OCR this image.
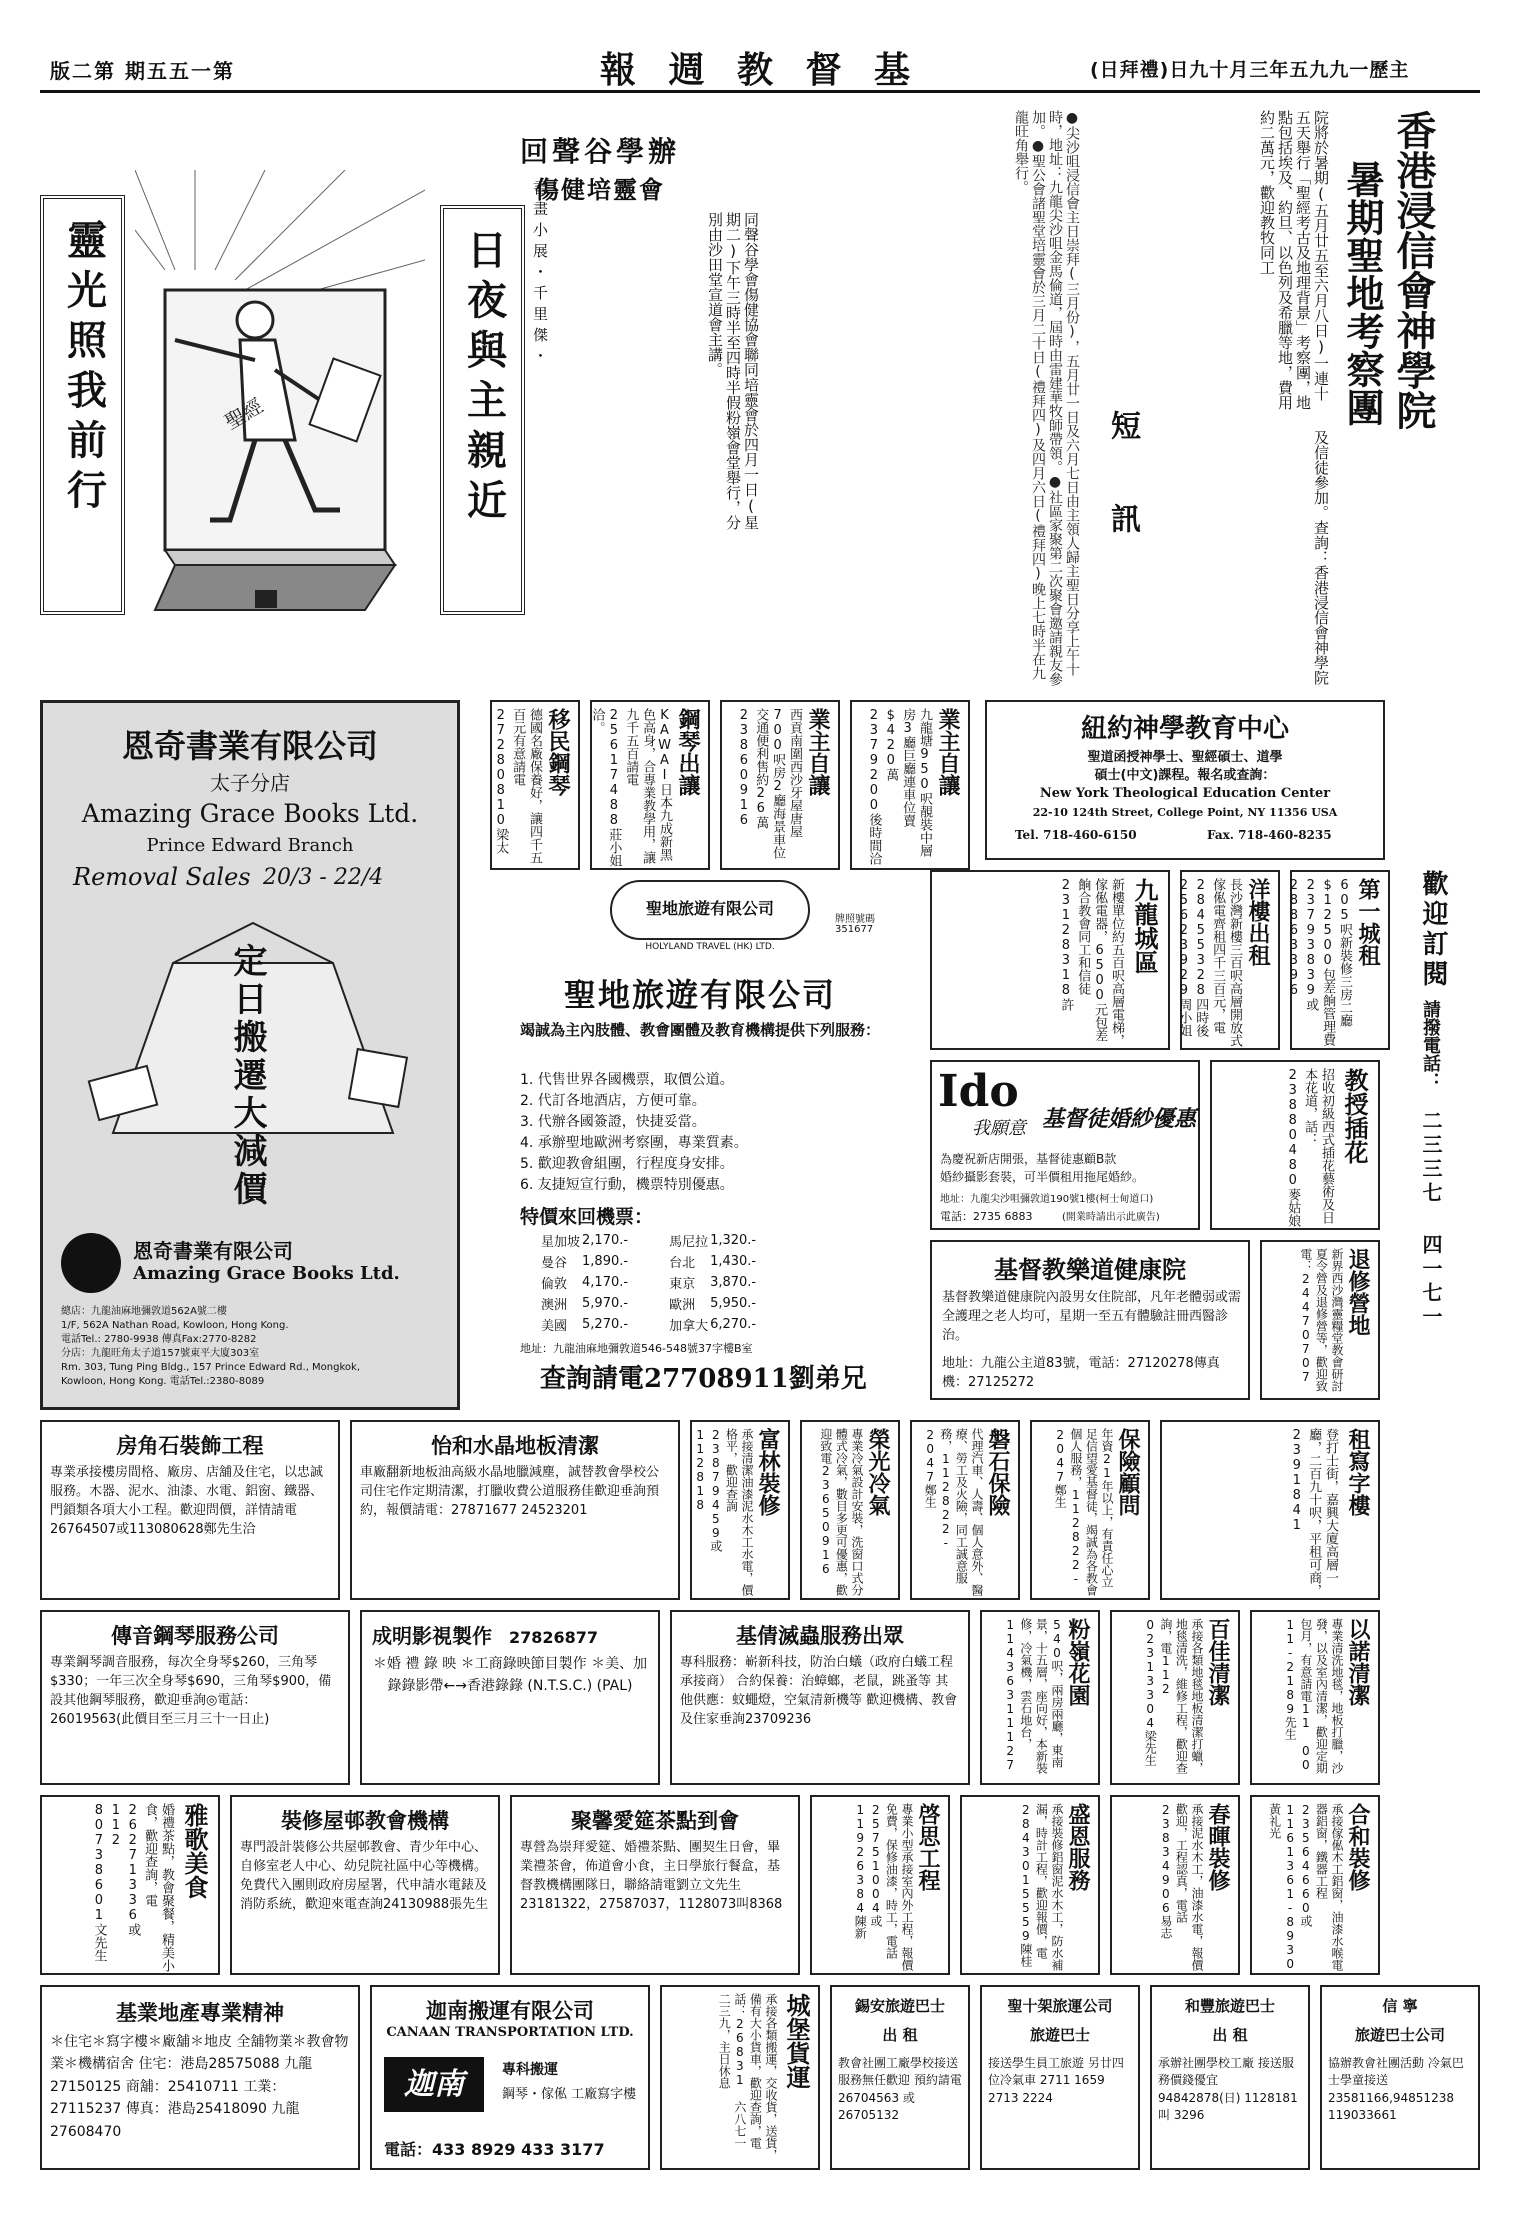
版二第 期五五一第	報 週 教 督 基	(日拜禮)日九十月三年五九九一歷主
香港浸信會神學院
暑期聖地考察團
院將於暑期(五月廿五至六月八日)一連十五天舉行「聖經考古及地理背景」考察團，地點包括埃及、約旦、以色列及希臘等地，費用約二萬元，歡迎教牧同工
及信徒參加。查詢：香港浸信會神學院
短 訊
●尖沙咀浸信會主日崇拜(三月份)，五月廿一日及六月七日由主領人歸主聖日分享上午十時，地址：九龍尖沙咀金馬倫道，屆時由雷建華牧師帶領。●社區家聚第二次聚會邀請親友參加。●聖公會諸聖堂培靈會於三月二十日(禮拜四)及四月六日(禮拜四)晚上七時半在九龍旺角舉行。
歡迎訂閱
請撥電話：
二三三七 四一七一
回聲谷學辦
傷健培靈會
同聲谷學會傷健協會聯同培靈會於四月一日(星期二)下午三時半至四時半假粉嶺會堂舉行，分別由沙田堂宣道會主講。
靈光照我前行	日夜與主親近
聖經
書畫小展・千里傑・
恩奇書業有限公司
太子分店
Amazing Grace Books Ltd.
Prince Edward Branch
Removal Sales 20/3 - 22/4
定日搬遷大減價
恩奇書業有限公司
Amazing Grace Books Ltd.
總店：九龍油麻地彌敦道562A號二樓
1/F, 562A Nathan Road, Kowloon, Hong Kong.
電話Tel.: 2780-9938 傳真Fax:2770-8282
分店：九龍旺角太子道157號東平大廈303室
Rm. 303, Tung Ping Bldg., 157 Prince Edward Rd., Mongkok,
Kowloon, Hong Kong. 電話Tel.:2380-8089
移民鋼琴
德國名廠保養好，讓四千五百元有意請電27280810梁太	鋼琴出讓
KAWAI日本九成新黑色高身，合專業教學用，讓九千五百請電25617488莊小姐洽。	業主自讓
西貢南圍西沙牙屋唐屋700呎房2廳海景車位交通便利售約26萬23860916	業主自讓
九龍塘950呎靚裝中層房3廳巨廳連車位賣$420萬2379200後時間洽	紐約神學教育中心
聖道函授神學士、聖經碩士、道學
碩士(中文)課程。報名或查詢：
New York Theological Education Center
22-10 124th Street, College Point, NY 11356 USA
Tel. 718-460-6150	Fax. 718-460-8235
第一城租
605呎新裝修三房二廳$12500包差餉管理費23793839或28863396
洋樓出租
長沙灣新樓三百呎高層開放式傢俬電齊租四千三百元，電28455328四時後25623929周小姐
九龍城區
新樓單位約五百呎高層電梯，傢俬電器，6500元包差餉合教會同工和信徒23128318許
教授插花
招收初級西式插花藝術及日本花道，話：23880480麥姑娘
聖地旅遊有限公司
HOLYLAND TRAVEL (HK) LTD.
牌照號碼
351677
聖地旅遊有限公司
竭誠為主內肢體、教會團體及教育機構提供下列服務：
1. 代售世界各國機票，取價公道。
2. 代訂各地酒店，方便可靠。
3. 代辦各國簽證，快捷妥當。
4. 承辦聖地歐洲考察團，專業質素。
5. 歡迎教會組團，行程度身安排。
6. 友捷短宣行動，機票特別優惠。
特價來回機票：
星加坡	2,170.-	馬尼拉	1,320.-
曼谷	1,890.-	台北	1,430.-
倫敦	4,170.-	東京	3,870.-
澳洲	5,970.-	歐洲	5,950.-
美國	5,270.-	加拿大	6,270.-
地址：九龍油麻地彌敦道546-548號37字樓B室
查詢請電27708911劉弟兄
Ido
我願意 基督徒婚紗優惠
為慶祝新店開張，基督徒惠顧B款
婚紗攝影套裝，可半價租用拖尾婚紗。
地址：九龍尖沙咀彌敦道190號1樓(柯士甸道口)
電話：2735 6883	(開業時請出示此廣告)
基督教樂道健康院
基督教樂道健康院內設男女住院部，凡年老體弱或需全護理之老人均可，星期一至五有體驗註冊西醫診治。
地址：九龍公主道83號，電話：27120278傳真機：27125272
退修營地
新界西沙灣靈糧堂教會研討夏令營及退修營等，歡迎致電：24470707
房角石裝飾工程
專業承接樓房間格、廠房、店舖及住宅，以忠誠服務。木器、泥水、油漆、水電、鋁窗、鐵器、門鎖類各項大小工程。歡迎問價，詳情請電26764507或113080628鄭先生洽
怡和水晶地板清潔
車廠翻新地板油高級水晶地臘減塵，誠替教會學校公司住宅作定期清潔，打臘收費公道服務佳歡迎垂詢預約，報價請電：27871677 24523201	富林裝修
承接清潔油漆泥水木工水電，價格平，歡迎查詢23879459或112818	榮光冷氣
專業冷氣設計安裝，洗窗口式分體式冷氣，數目多更可優惠，歡迎致電23650916	磐石保險
代理汽車、人壽、個人意外、醫療、勞工及火險，同工誠意服務，112822-2047鄭生	保險顧問
年資21年以上，有責任心立足信望愛基督徒，竭誠為各教會個人服務，112822-2047鄭生	租寫字樓
登打士街，嘉興大廈高層一廳，二百九十呎，平租可商，2391841
傳音鋼琴服務公司
專業鋼琴調音服務，每次全身琴$260，三角琴$330；一年三次全身琴$690，三角琴$900，備設其他鋼琴服務，歡迎垂詢◎電話：26019563(此價目至三月三十一日止)
成明影視製作 27826877
＊婚 禮 錄 映 ＊工商錄映節目製作 ＊美、加錄錄影帶←→香港錄錄 (N.T.S.C.) (PAL)
基倩滅蟲服務出眾
專科服務：嶄新科技，防治白蟻（政府白蟻工程承接商） 合約保養：治蟑螂，老鼠，跳蚤等 其他供應：蚊蠅燈，空氣清新機等 歡迎機構、教會及住家垂詢23709236
粉嶺花園
540呎，兩房兩廳，東南景，十五層，座向好，本新裝修，冷氣機，雲石地台，11436311127	百佳清潔
承接各類地毯地板清潔打蠟，地毯清洗，維修工程，歡迎查詢，電112 02313304梁先生	以諾清潔
專業清洗地毯，地板打臘，沙發，以及室內清潔，歡迎定期包月，有意請電11 00 11-2189先生
雅歌美食
婚禮茶點，教會聚餐，精美小食，歡迎查詢，電26271336或112 80738601文先生	裝修屋邨教會機構
專門設計裝修公共屋邨教會、青少年中心、自修室老人中心、幼兒院社區中心等機構。免費代入團則政府房屋署，代申請水電錶及消防系統，歡迎來電查詢24130988張先生
聚馨愛筵茶點到會
專營為崇拜愛筵、婚禮茶點、團契生日會，畢業禮茶會，佈道會小食，主日學旅行餐盒，基督教機構團隊日，聯絡請電劉立文先生23181322，27587037，1128073叫8368
啓思工程
專業小型承接室內外工程，報價免費，保修油漆，時工，電話25751004或11926384陳新	盛恩服務
承接裝修鋁窗泥水木工，防水補漏，時計工程，歡迎報價，電2843015559陳桂	春暉裝修
承接泥水木工，油漆水電，報價歡迎，工程認真，電話23834906易志	合和裝修
承接傢俬木工鋁窗，油漆水喉電器鋁窗，鐵器工程23564660或1161361-8930黃礼光
基業地產專業精神
＊住宅＊寫字樓＊廠舖＊地皮 全舖物業＊教會物業＊機構宿舍 住宅：港島28575088 九龍27150125 商舖：25410711 工業：27115237 傳真：港島25418090 九龍27608470
迦南搬運有限公司
CANAAN TRANSPORTATION LTD.
迦南	專科搬運
鋼琴・傢俬 工廠寫字樓
電話：433 8929 433 3177
城堡貨運
承接各類搬運，交收貨，送貨，備有大小貨車，歡迎查詢，電話：26831 六八七一 二三九，主日休息	錫安旅遊巴士
出 租
教會社團工廠學校接送服務無任歡迎 預約請電26704563 或26705132
聖十架旅運公司
旅遊巴士
接送學生員工旅遊 另廿四位冷氣車 2711 1659 2713 2224
和豐旅遊巴士
出 租
承辦社團學校工廠 接送服務價錢優宜 94842878(日) 1128181 叫 3296
信 寧
旅遊巴士公司
協辦教會社團活動 冷氣巴士學童接送 23581166,94851238 119033661
